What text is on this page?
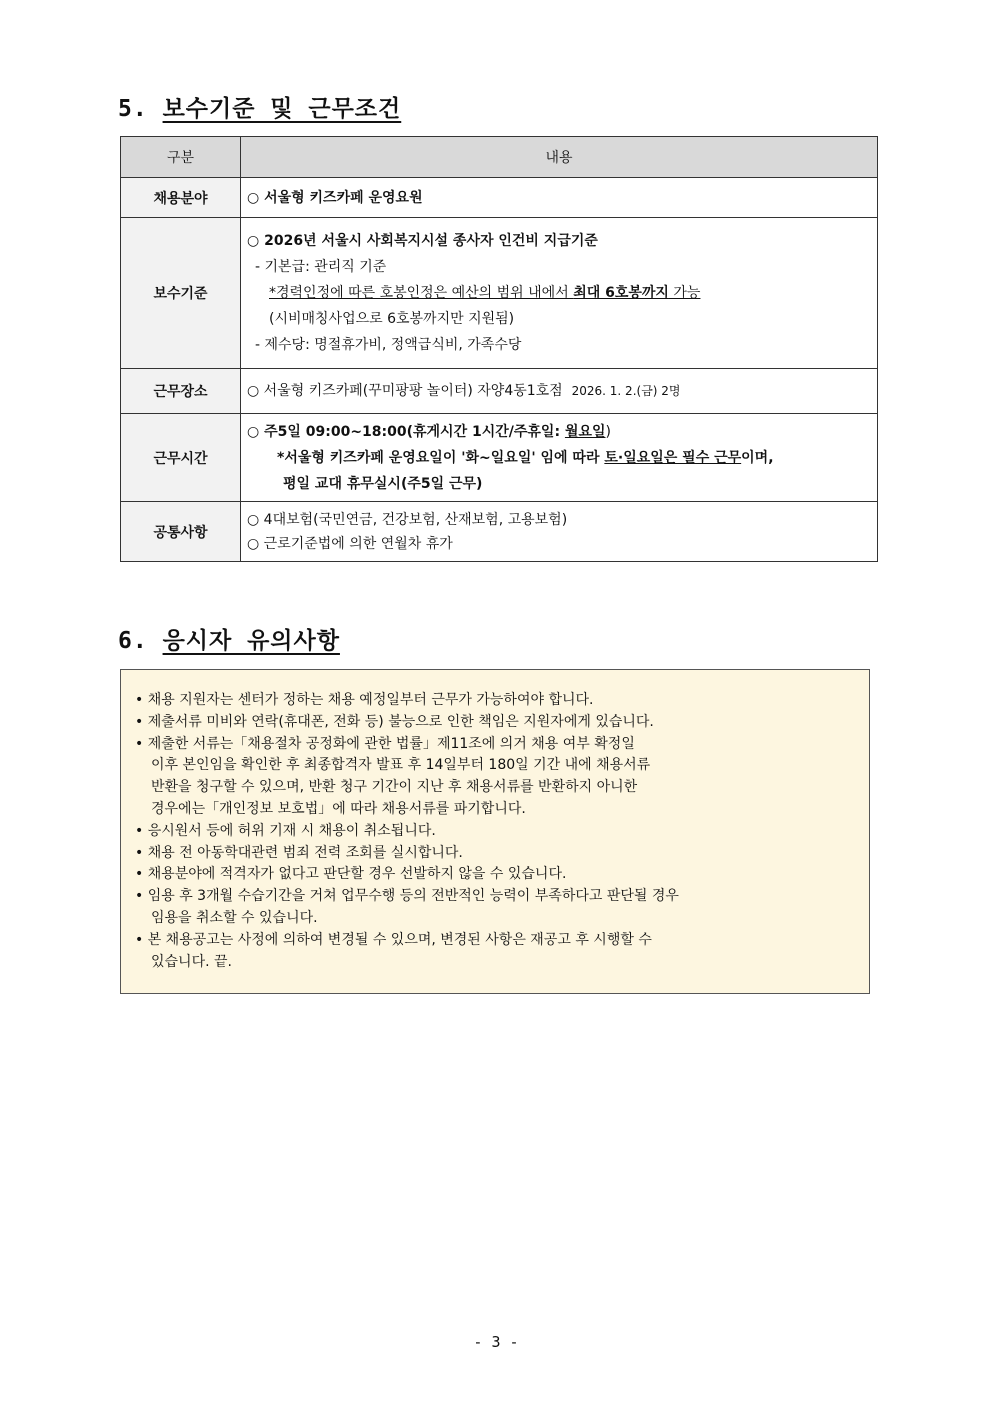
5. 보수기준 및 근무조건
구분	내용
채용분야	○ 서울형 키즈카페 운영요원

보수기준	○ 2026년 서울시 사회복지시설 종사자 인건비 지급기준
- 기본급: 관리직 기준
*경력인정에 따른 호봉인정은 예산의 범위 내에서 최대 6호봉까지 가능
(시비매칭사업으로 6호봉까지만 지원됨)
- 제수당: 명절휴가비, 정액급식비, 가족수당

근무장소	○ 서울형 키즈카페(꾸미팡팡 놀이터) 자양4동1호점 2026. 1. 2.(금) 2명

근무시간	○ 주5일 09:00~18:00(휴게시간 1시간/주휴일: 월요일)
*서울형 키즈카페 운영요일이 '화~일요일' 임에 따라 토·일요일은 필수 근무이며,
평일 교대 휴무실시(주5일 근무)

공통사항	○ 4대보험(국민연금, 건강보험, 산재보험, 고용보험)
○ 근로기준법에 의한 연월차 휴가
6. 응시자 유의사항
• 채용 지원자는 센터가 정하는 채용 예정일부터 근무가 가능하여야 합니다.
• 제출서류 미비와 연락(휴대폰, 전화 등) 불능으로 인한 책임은 지원자에게 있습니다.
• 제출한 서류는「채용절차 공정화에 관한 법률」제11조에 의거 채용 여부 확정일
이후 본인임을 확인한 후 최종합격자 발표 후 14일부터 180일 기간 내에 채용서류
반환을 청구할 수 있으며, 반환 청구 기간이 지난 후 채용서류를 반환하지 아니한
경우에는「개인정보 보호법」에 따라 채용서류를 파기합니다.
• 응시원서 등에 허위 기재 시 채용이 취소됩니다.
• 채용 전 아동학대관련 범죄 전력 조회를 실시합니다.
• 채용분야에 적격자가 없다고 판단할 경우 선발하지 않을 수 있습니다.
• 임용 후 3개월 수습기간을 거쳐 업무수행 등의 전반적인 능력이 부족하다고 판단될 경우
임용을 취소할 수 있습니다.
• 본 채용공고는 사정에 의하여 변경될 수 있으며, 변경된 사항은 재공고 후 시행할 수
있습니다. 끝.
- 3 -
